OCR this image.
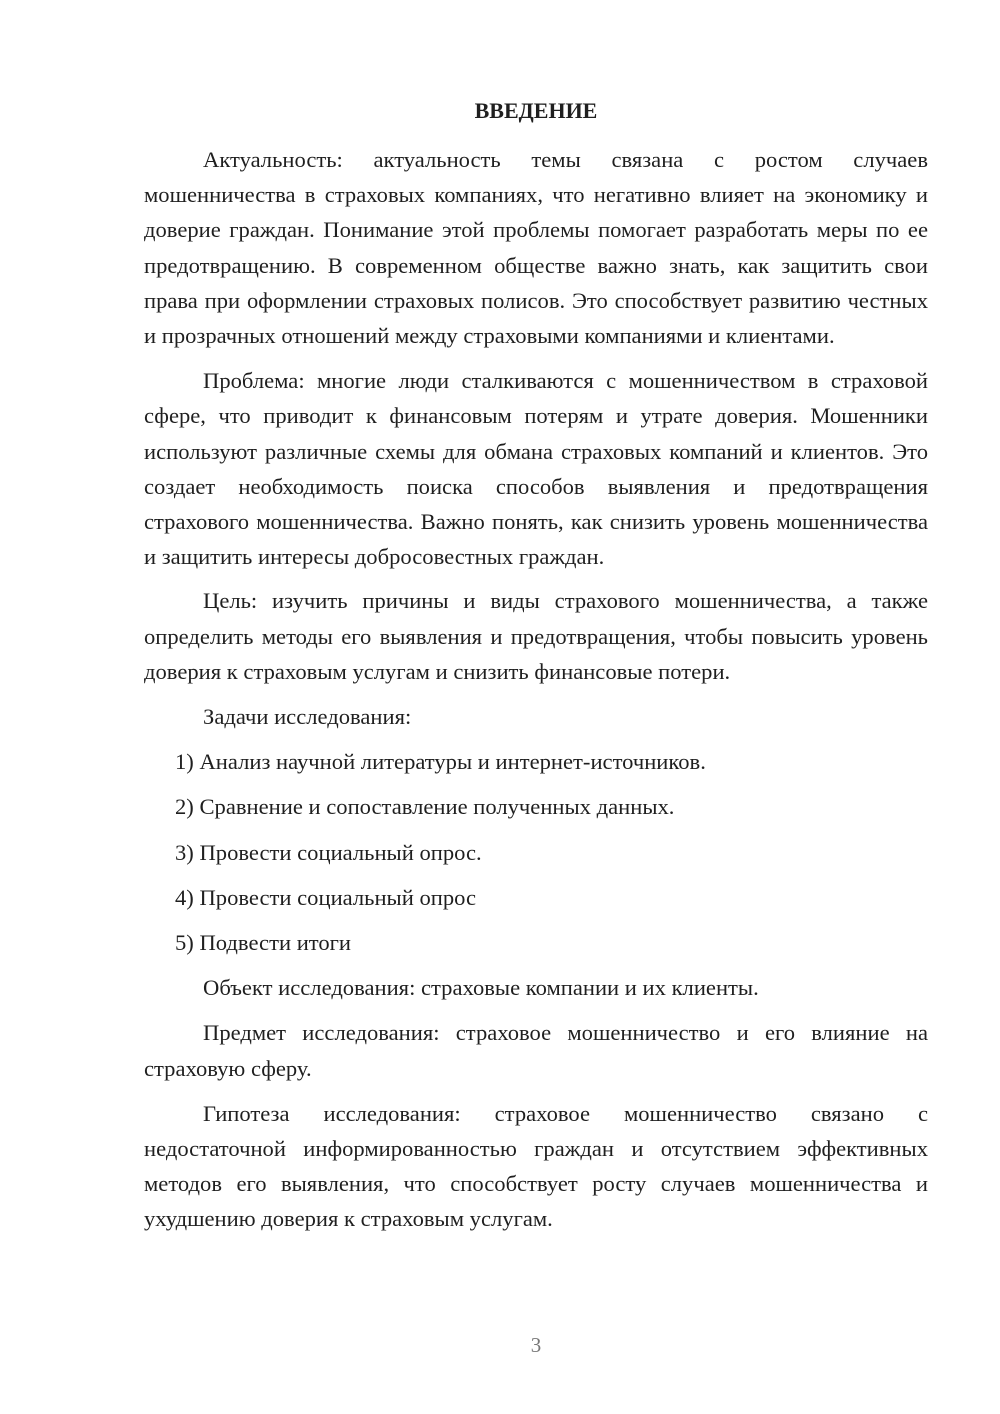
ВВЕДЕНИЕ

Актуальность: актуальность темы связана с ростом случаев мошенничества в страховых компаниях, что негативно влияет на экономику и доверие граждан. Понимание этой проблемы помогает разработать меры по ее предотвращению. В современном обществе важно знать, как защитить свои права при оформлении страховых полисов. Это способствует развитию честных и прозрачных отношений между страховыми компаниями и клиентами.

Проблема: многие люди сталкиваются с мошенничеством в страховой сфере, что приводит к финансовым потерям и утрате доверия. Мошенники используют различные схемы для обмана страховых компаний и клиентов. Это создает необходимость поиска способов выявления и предотвращения страхового мошенничества. Важно понять, как снизить уровень мошенничества и защитить интересы добросовестных граждан.

Цель: изучить причины и виды страхового мошенничества, а также определить методы его выявления и предотвращения, чтобы повысить уровень доверия к страховым услугам и снизить финансовые потери.

Задачи исследования:

1) Анализ научной литературы и интернет-источников.

2) Сравнение и сопоставление полученных данных.

3) Провести социальный опрос.

4) Провести социальный опрос

5) Подвести итоги

Объект исследования: страховые компании и их клиенты.

Предмет исследования: страховое мошенничество и его влияние на страховую сферу.

Гипотеза исследования: страховое мошенничество связано с недостаточной информированностью граждан и отсутствием эффективных методов его выявления, что способствует росту случаев мошенничества и ухудшению доверия к страховым услугам.

3
